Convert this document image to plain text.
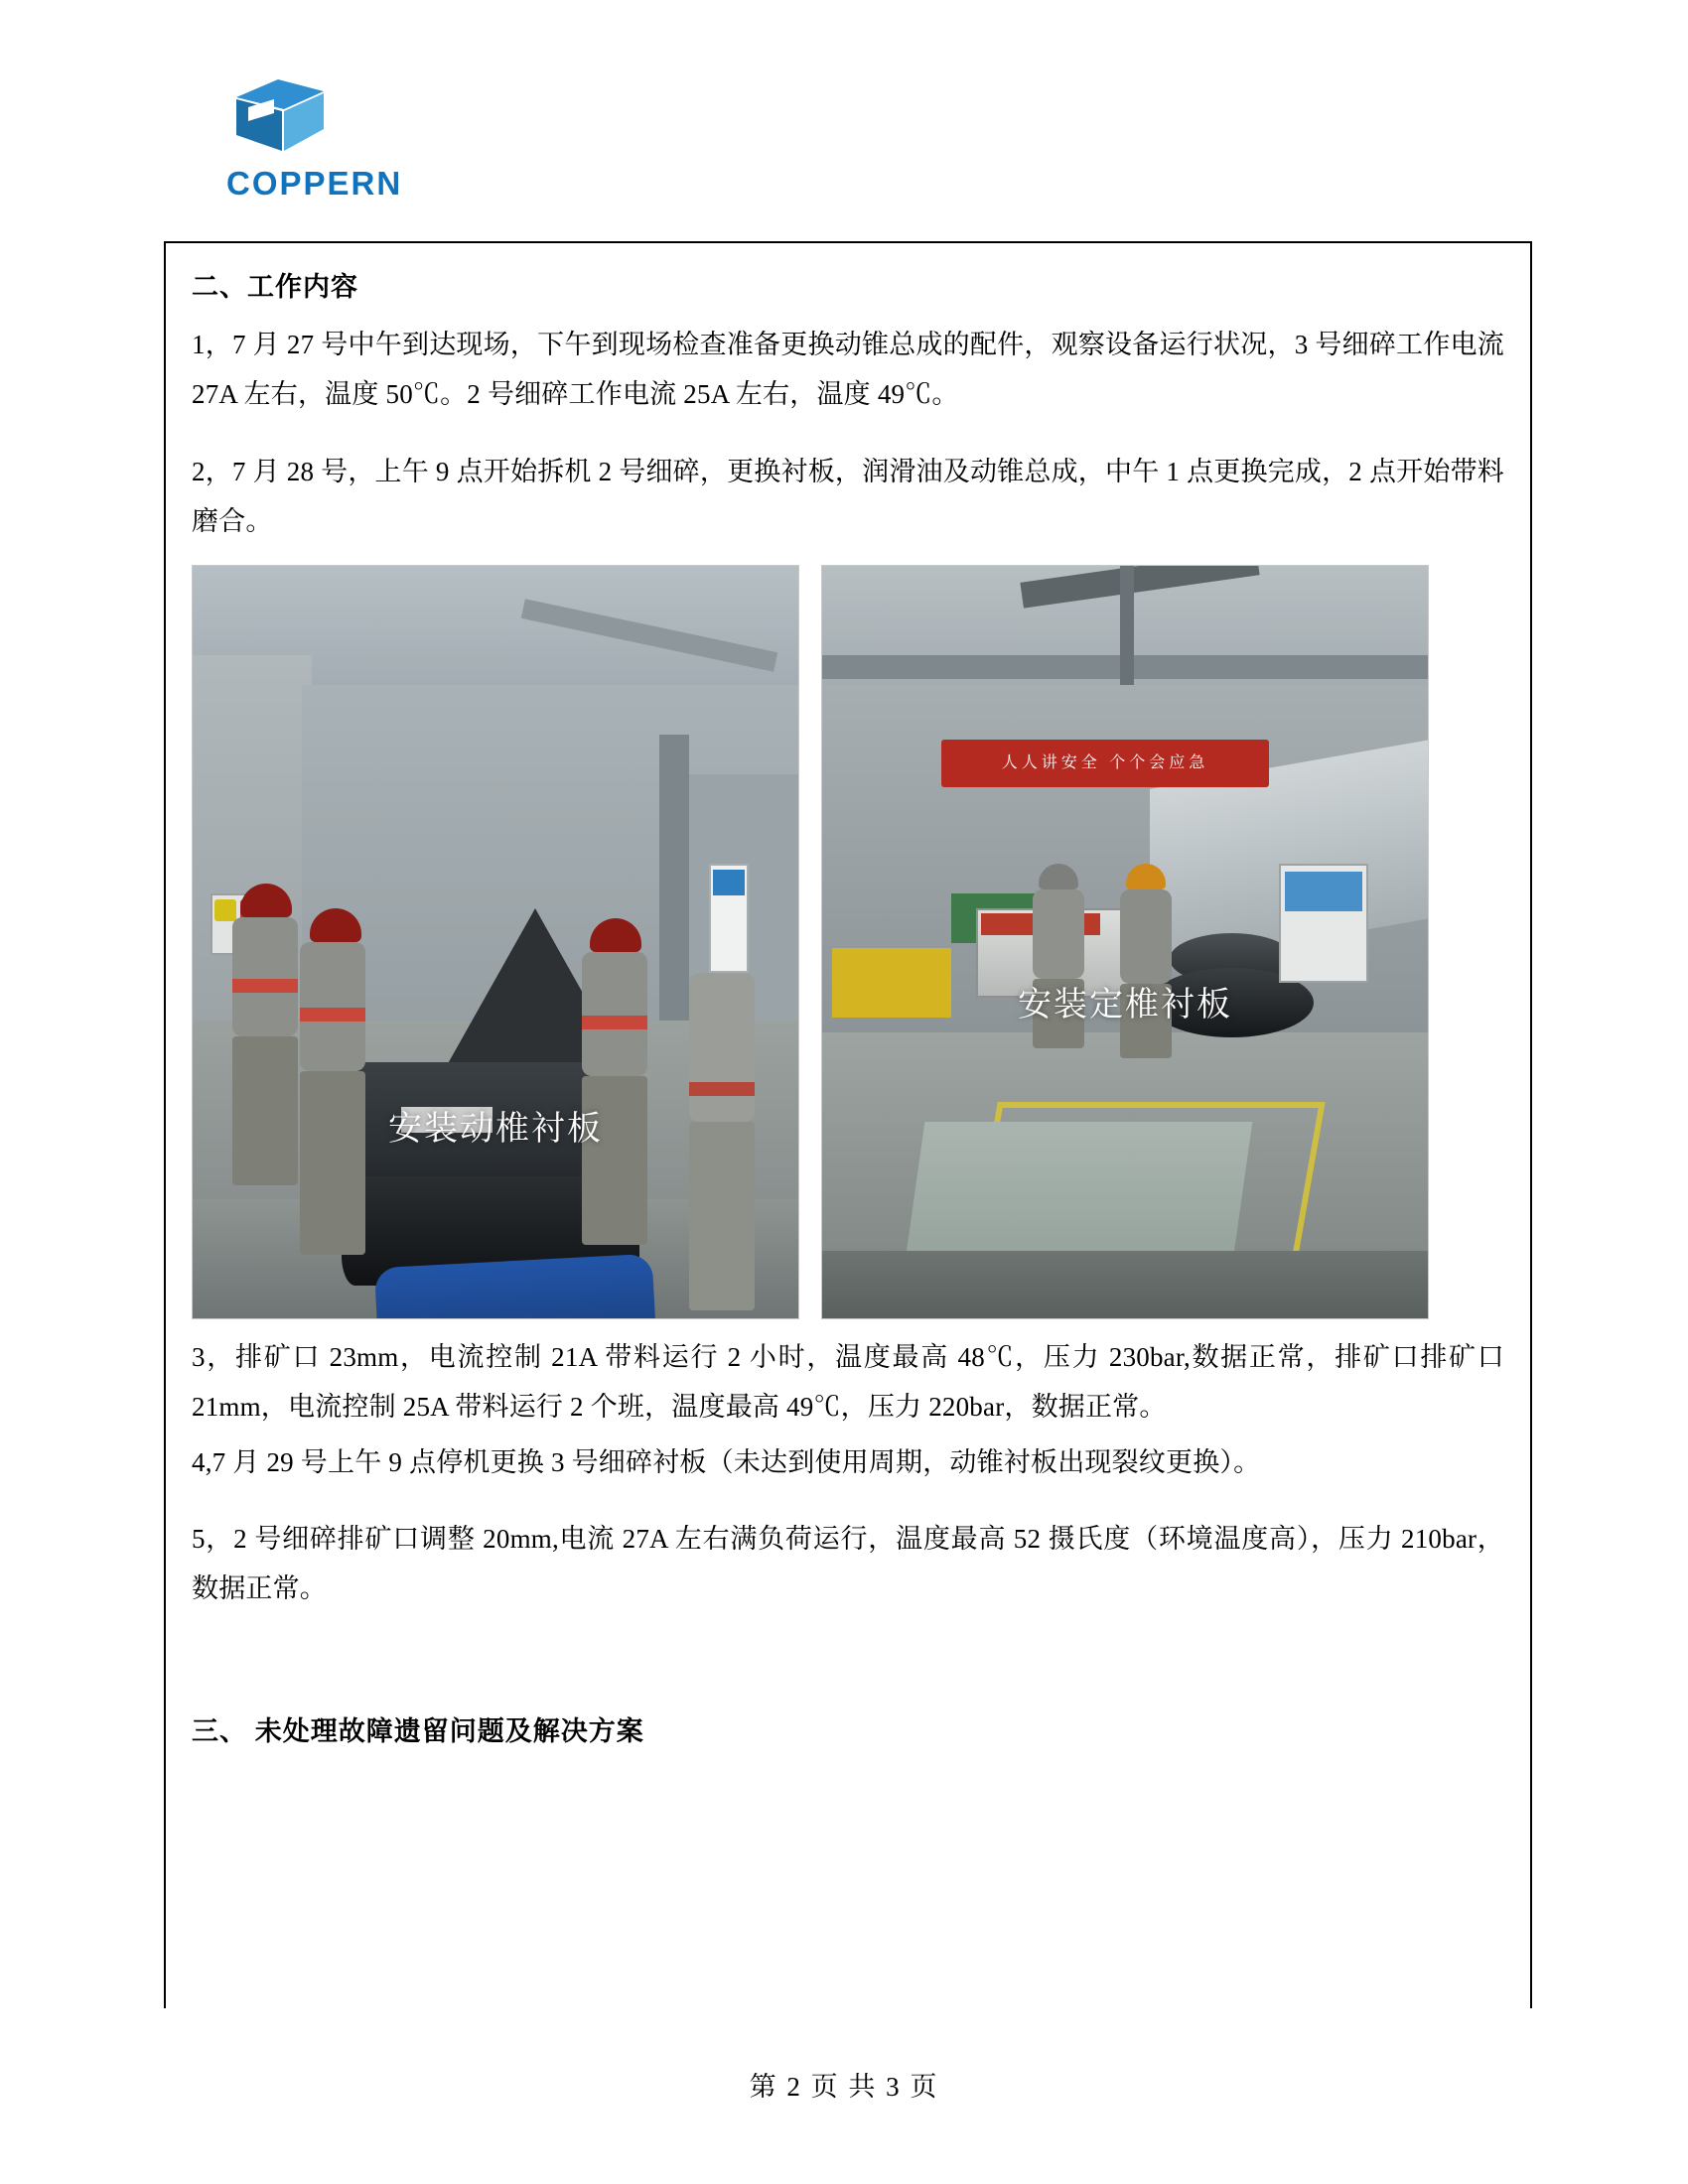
COPPERN
二、工作内容
1，7 月 27 号中午到达现场，下午到现场检查准备更换动锥总成的配件，观察设备运行状况，3 号细碎工作电流 27A 左右，温度 50℃。2 号细碎工作电流 25A 左右，温度 49℃。
2，7 月 28 号，上午 9 点开始拆机 2 号细碎，更换衬板，润滑油及动锥总成，中午 1 点更换完成，2 点开始带料磨合。
安装动椎衬板
人人讲安全 个个会应急
安装定椎衬板
3，排矿口 23mm，电流控制 21A 带料运行 2 小时，温度最高 48℃，压力 230bar,数据正常，排矿口排矿口 21mm，电流控制 25A 带料运行 2 个班，温度最高 49℃，压力 220bar，数据正常。
4,7 月 29 号上午 9 点停机更换 3 号细碎衬板（未达到使用周期，动锥衬板出现裂纹更换）。
5，2 号细碎排矿口调整 20mm,电流 27A 左右满负荷运行，温度最高 52 摄氏度（环境温度高），压力 210bar，数据正常。
三、 未处理故障遗留问题及解决方案
第 2 页 共 3 页
